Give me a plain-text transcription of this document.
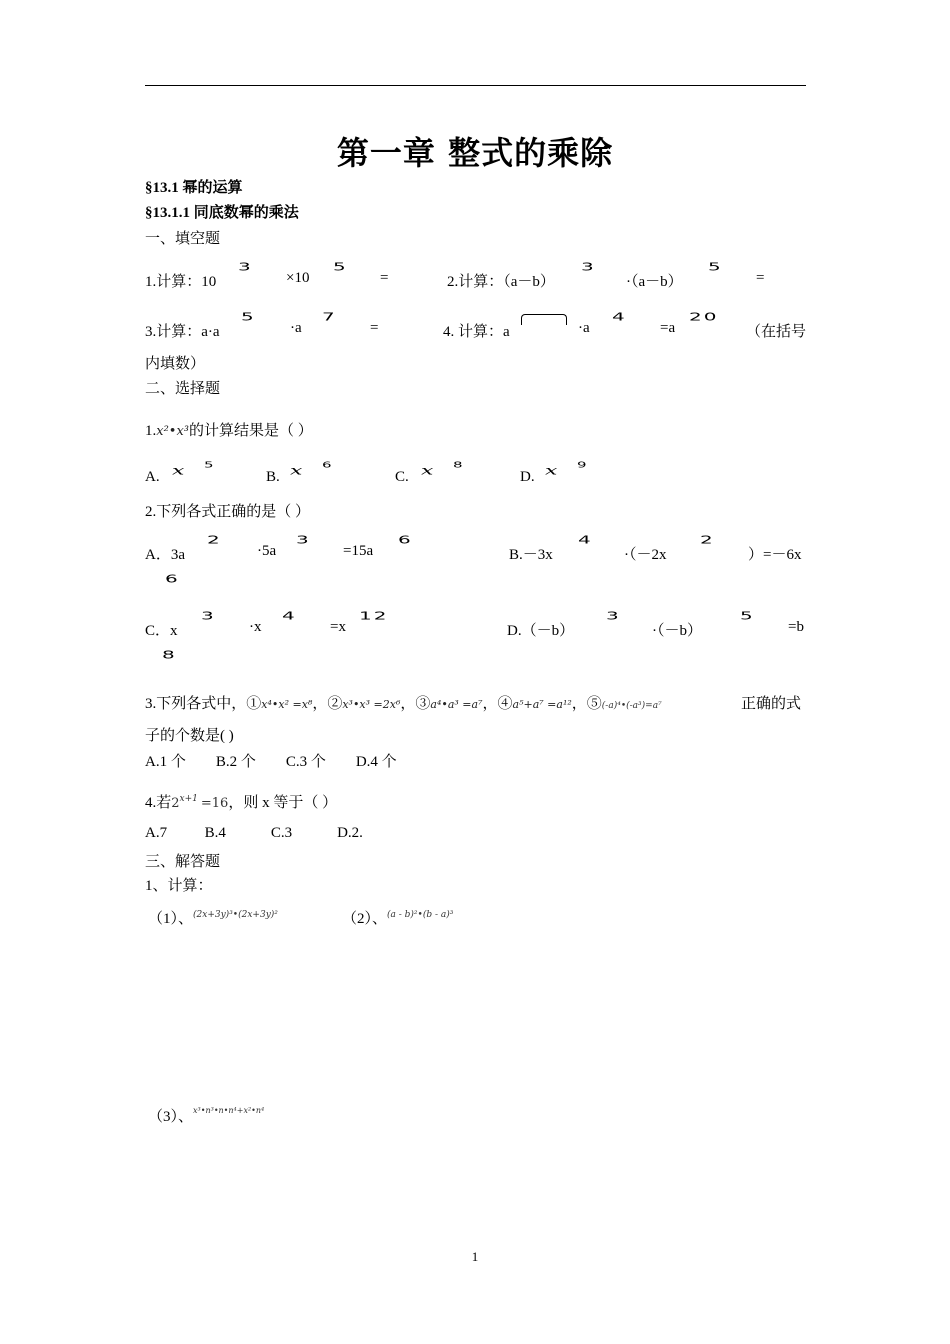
第一章 整式的乘除
§13.1 幂的运算
§13.1.1 同底数幂的乘法
一、填空题
1.计算：10
3
×10
5
=	2.计算：（a－b）
3
·（a－b）
5
=
3.计算：a·a
5
·a
7
=	4. 计算：a	·a
4
=a
20
（在括号
内填数）
二、选择题
1.x²•x³的计算结果是（ ）
A. x 5
B. x 6
C. x 8
D. x 9
2.下列各式正确的是（ ）
A．3a
2
·5a
3
=15a
6
B.－3x
4
·（－2x
2
）=－6x
6
C．x
3
·x
4
=x
12
D.（－b）
3
·（－b）
5
=b
8
3.下列各式中，①x⁴•x² =x⁸，②x³•x³ =2x⁶，③a⁴•a³ =a⁷，④a⁵+a⁷ =a¹²，⑤(-a)⁴•(-a³)=a⁷	正确的式
子的个数是( )
A.1 个        B.2 个        C.3 个        D.4 个
4.若$2^{x+1} =16$，则 x 等于（ ）
A.7          B.4            C.3            D.2.
三、解答题
1、计算：
（1）、$^{(2x+3y)^3•(2x+3y)^2}$	（2）、$^{(a - b)^2•(b - a)^3}$
（3）、$^{x^3•n^3•n•n^4+x^2•n^4}$
1
